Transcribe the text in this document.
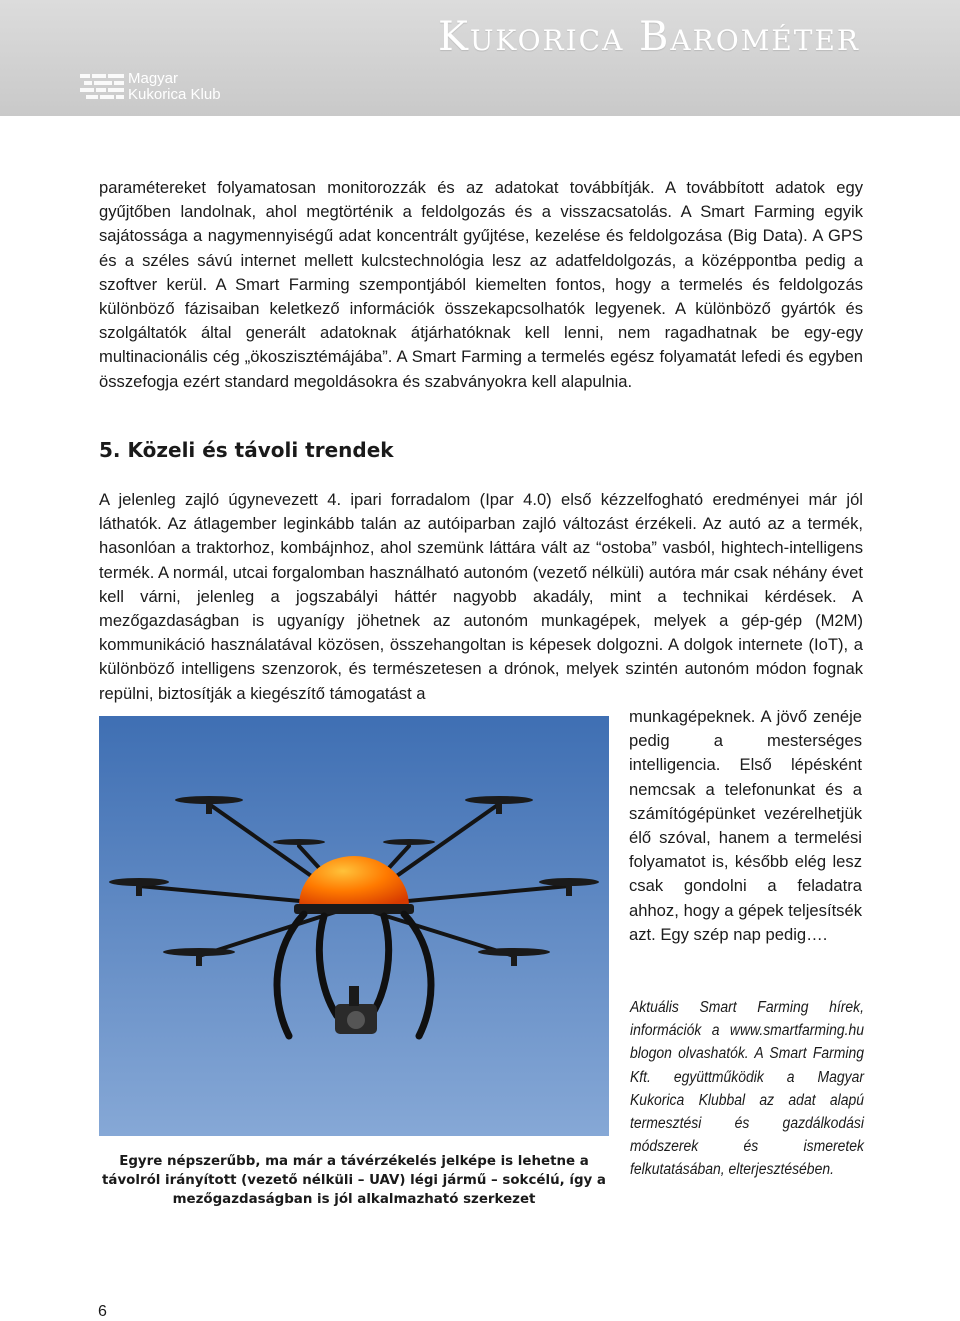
Kukorica Barométer
Magyar
Kukorica Klub

paramétereket folyamatosan monitorozzák és az adatokat továbbítják. A továbbított adatok egy gyűjtőben landolnak, ahol megtörténik a feldolgozás és a visszacsatolás. A Smart Farming egyik sajátossága a nagymennyiségű adat koncentrált gyűjtése, kezelése és feldolgozása (Big Data). A GPS és a széles sávú internet mellett kulcstechnológia lesz az adatfeldolgozás, a középpontba pedig a szoftver kerül. A Smart Farming szempontjából kiemelten fontos, hogy a termelés és feldolgozás különböző fázisaiban keletkező információk összekapcsolhatók legyenek. A különböző gyártók és szolgáltatók által generált adatoknak átjárhatóknak kell lenni, nem ragadhatnak be egy-egy multinacionális cég „ökoszisztémájába”. A Smart Farming a termelés egész folyamatát lefedi és egyben összefogja ezért standard megoldásokra és szabványokra kell alapulnia.

5. Közeli és távoli trendek

A jelenleg zajló úgynevezett 4. ipari forradalom (Ipar 4.0) első kézzelfogható eredményei már jól láthatók. Az átlagember leginkább talán az autóiparban zajló változást érzékeli. Az autó az a termék, hasonlóan a traktorhoz, kombájnhoz, ahol szemünk láttára vált az “ostoba” vasból, hightech-intelligens termék. A normál, utcai forgalomban használható autonóm (vezető nélküli) autóra már csak néhány évet kell várni, jelenleg a jogszabályi háttér nagyobb akadály, mint a technikai kérdések. A mezőgazdaságban is ugyanígy jöhetnek az autonóm munkagépek, melyek a gép-gép (M2M) kommunikáció használatával közösen, összehangoltan is képesek dolgozni. A dolgok internete (IoT), a különböző intelligens szenzorok, és természetesen a drónok, melyek szintén autonóm módon fognak repülni, biztosítják a kiegészítő támogatást a

munkagépeknek. A jövő zenéje pedig a mesterséges intelligencia. Első lépésként nemcsak a telefonunkat és a számítógépünket vezérelhetjük élő szóval, hanem a termelési folyamatot is, később elég lesz csak gondolni a feladatra ahhoz, hogy a gépek teljesítsék azt. Egy szép nap pedig….

Egyre népszerűbb, ma már a távérzékelés jelképe is lehetne a távolról irányított (vezető nélküli – UAV) légi jármű – sokcélú, így a mezőgazdaságban is jól alkalmazható szerkezet

Aktuális Smart Farming hírek, információk a www.smartfarming.hu blogon olvashatók. A Smart Farming Kft. együttműködik a Magyar Kukorica Klubbal az adat alapú termesztési és gazdálkodási módszerek és ismeretek felkutatásában, elterjesztésében.

6
